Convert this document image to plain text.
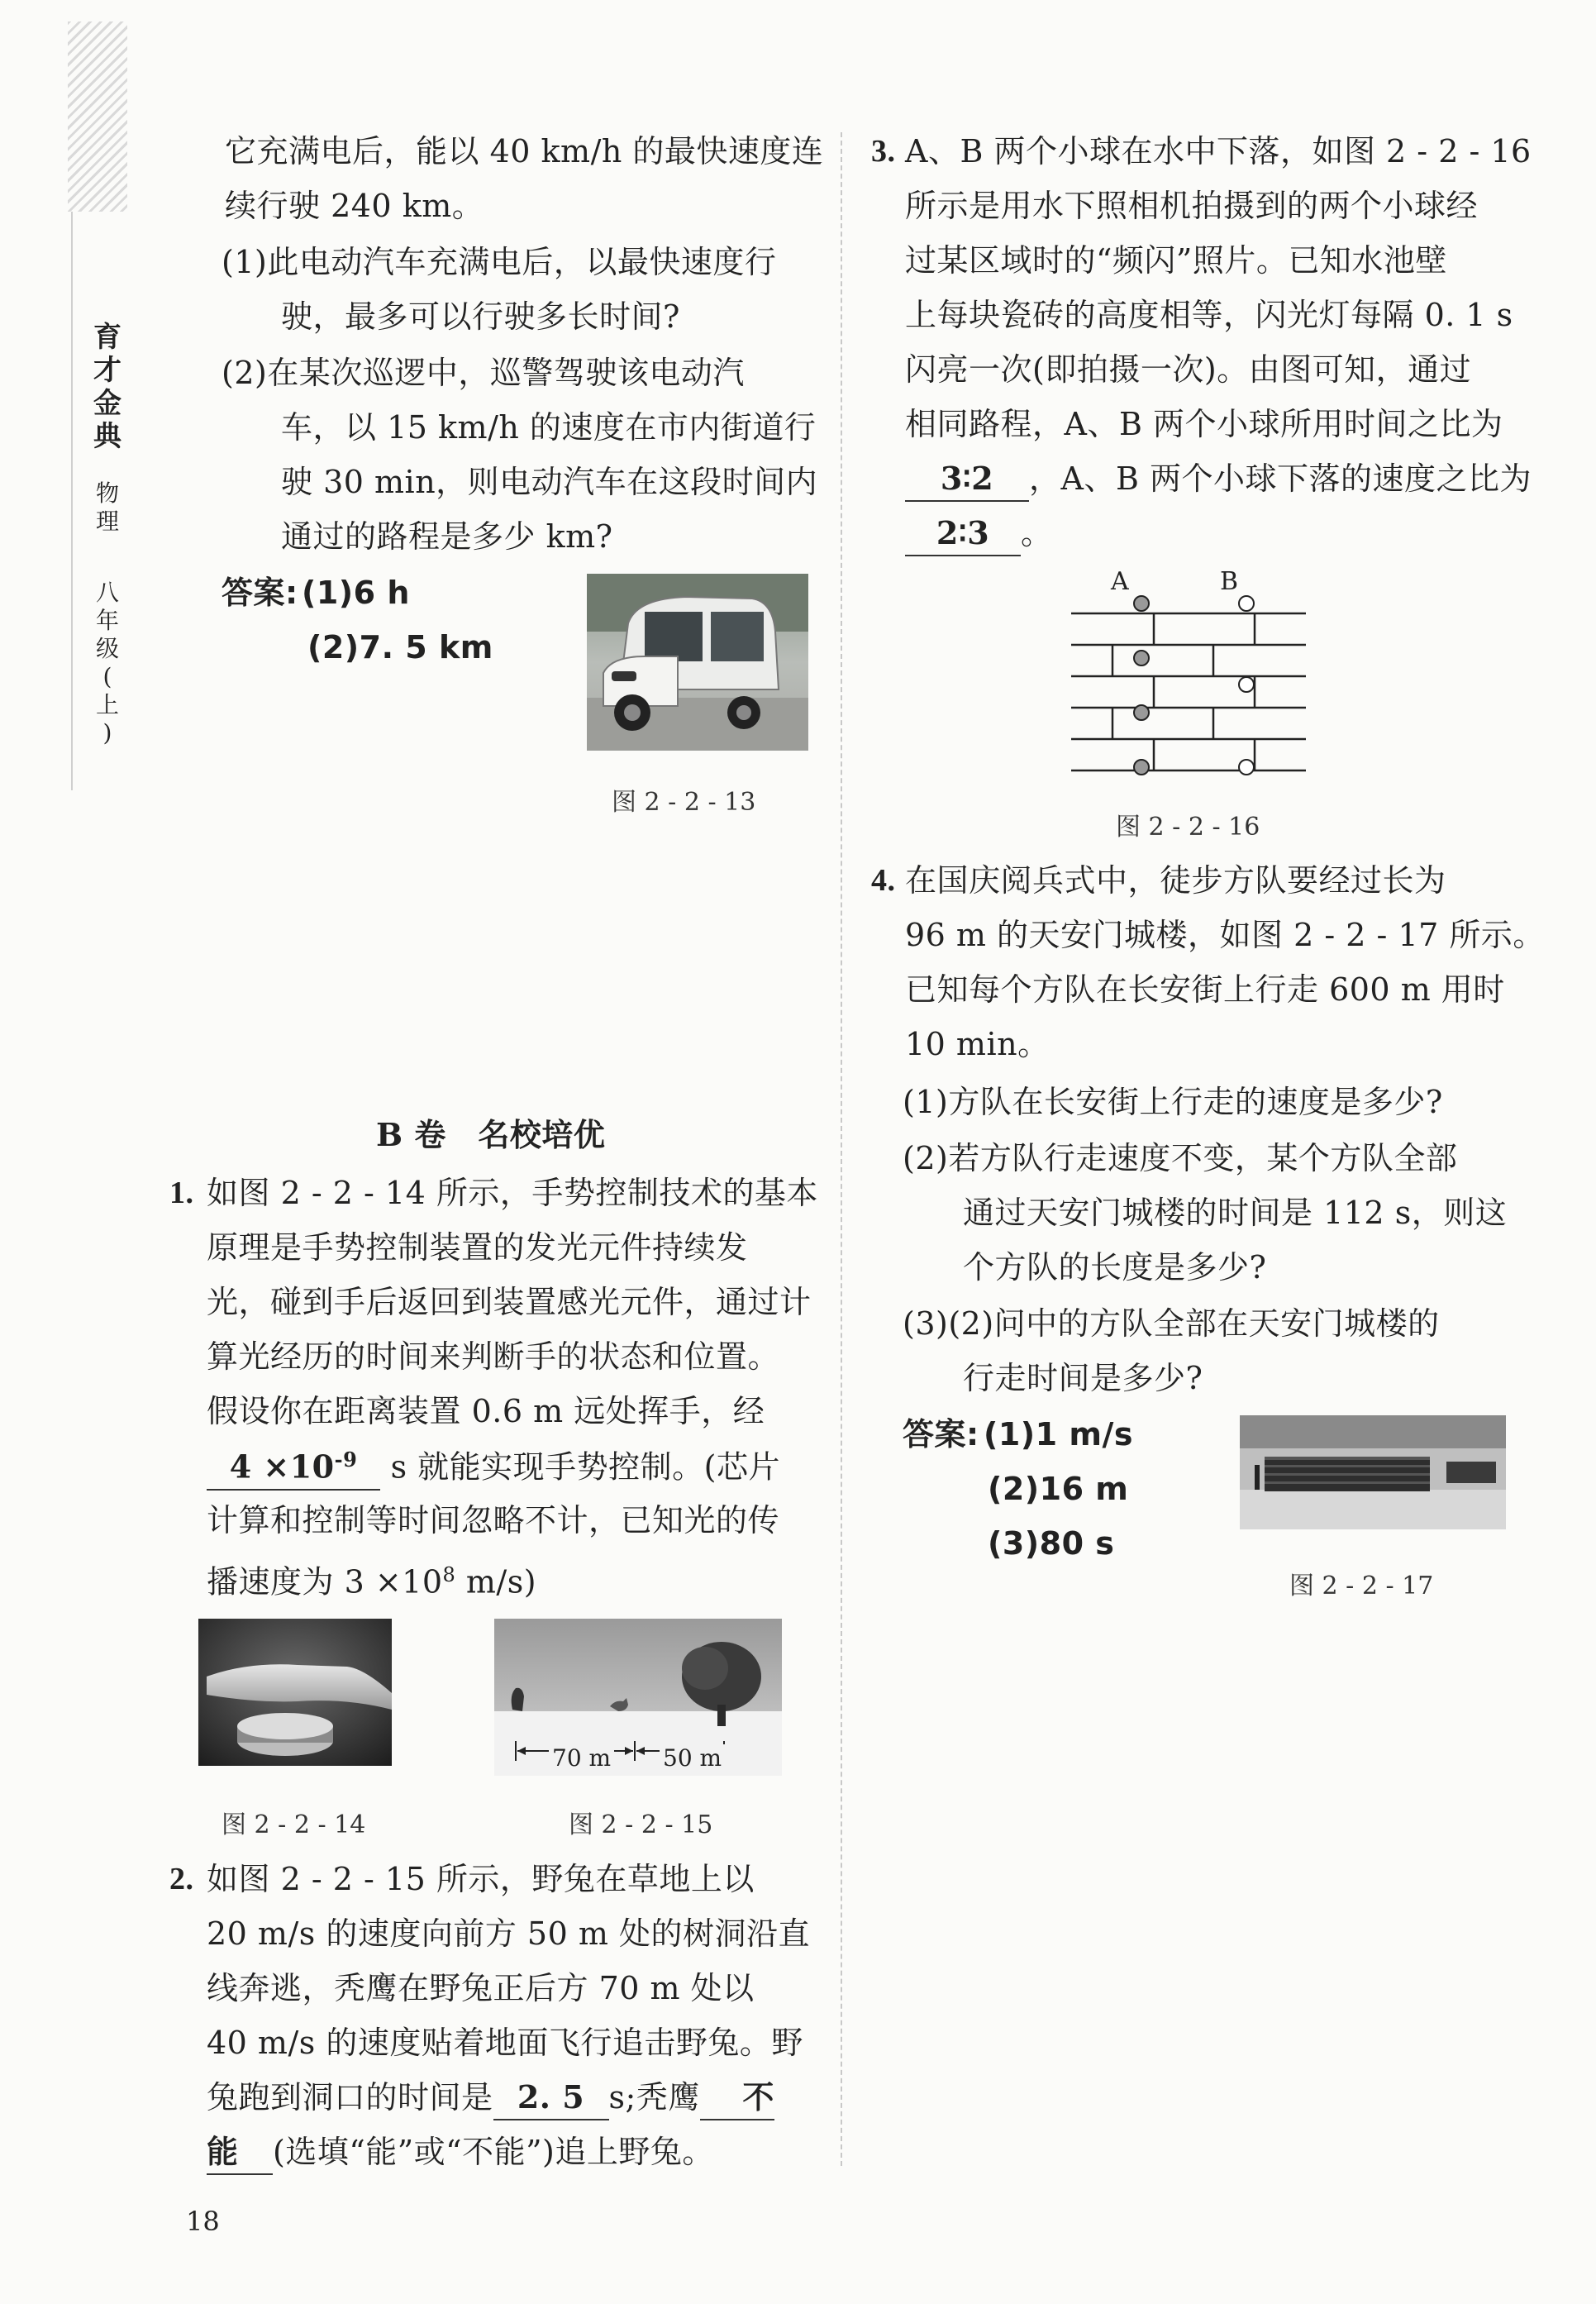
育
才
金
典
物
理
八
年
级
(
上
)
它充满电后，能以 40 km/h 的最快速度连
续行驶 240 km。
(1)此电动汽车充满电后，以最快速度行
驶，最多可以行驶多长时间?
(2)在某次巡逻中，巡警驾驶该电动汽
车，以 15 km/h 的速度在市内街道行
驶 30 min，则电动汽车在这段时间内
通过的路程是多少 km?
答案: (1)6 h
(2)7. 5 km
图 2 - 2 - 13
B 卷　名校培优
1. 如图 2 - 2 - 14 所示，手势控制技术的基本
原理是手势控制装置的发光元件持续发
光，碰到手后返回到装置感光元件，通过计
算光经历的时间来判断手的状态和位置。
假设你在距离装置 0.6 m 远处挥手，经
$4 \times 10^{-9}$ s 就能实现手势控制。(芯片
计算和控制等时间忽略不计，已知光的传
播速度为 $3 \times 10^8$ m/s)
图 2 - 2 - 14
70 m 50 m
图 2 - 2 - 15
2. 如图 2 - 2 - 15 所示，野兔在草地上以
20 m/s 的速度向前方 50 m 处的树洞沿直
线奔逃，秃鹰在野兔正后方 70 m 处以
40 m/s 的速度贴着地面飞行追击野兔。野
兔跑到洞口的时间是 2. 5 s;秃鹰 不
能 (选填“能”或“不能”)追上野兔。
18
3. A、B 两个小球在水中下落，如图 2 - 2 - 16
所示是用水下照相机拍摄到的两个小球经
过某区域时的“频闪”照片。已知水池壁
上每块瓷砖的高度相等，闪光灯每隔 0. 1 s
闪亮一次(即拍摄一次)。由图可知，通过
相同路程，A、B 两个小球所用时间之比为
3∶2 ，A、B 两个小球下落的速度之比为
2∶3 。
A	B
图 2 - 2 - 16
4. 在国庆阅兵式中，徒步方队要经过长为
96 m 的天安门城楼，如图 2 - 2 - 17 所示。
已知每个方队在长安街上行走 600 m 用时
10 min。
(1)方队在长安街上行走的速度是多少?
(2)若方队行走速度不变，某个方队全部
通过天安门城楼的时间是 112 s，则这
个方队的长度是多少?
(3)(2)问中的方队全部在天安门城楼的
行走时间是多少?
答案: (1)1 m/s
(2)16 m
(3)80 s
图 2 - 2 - 17
